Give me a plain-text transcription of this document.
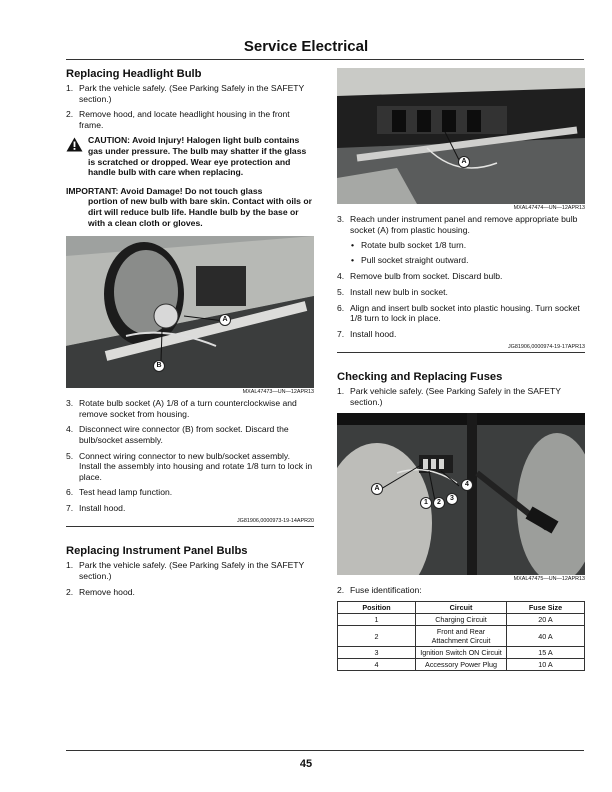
Service Electrical
Replacing Headlight Bulb
1. Park the vehicle safely. (See Parking Safely in the SAFETY section.)
2. Remove hood, and locate headlight housing in the front frame.
CAUTION: Avoid Injury! Halogen light bulb contains gas under pressure. The bulb may shatter if the glass is scratched or dropped. Wear eye protection and handle bulb with care when replacing.
IMPORTANT: Avoid Damage! Do not touch glass
portion of new bulb with bare skin. Contact with oils or dirt will reduce bulb life. Handle bulb by the base or with a clean cloth or gloves.
A
B
MXAL47473—UN—12APR13
3. Rotate bulb socket (A) 1/8 of a turn counterclockwise and remove socket from housing.
4. Disconnect wire connector (B) from socket. Discard the bulb/socket assembly.
5. Connect wiring connector to new bulb/socket assembly. Install the assembly into housing and rotate 1/8 turn to lock in place.
6. Test head lamp function.
7. Install hood.
JG81906,0000973-19-14APR20
Replacing Instrument Panel Bulbs
1. Park the vehicle safely. (See Parking Safely in the SAFETY section.)
2. Remove hood.
A
MXAL47474—UN—12APR13
3. Reach under instrument panel and remove appropriate bulb socket (A) from plastic housing.
• Rotate bulb socket 1/8 turn.
• Pull socket straight outward.
4. Remove bulb from socket. Discard bulb.
5. Install new bulb in socket.
6. Align and insert bulb socket into plastic housing. Turn socket 1/8 turn to lock in place.
7. Install hood.
JG81906,0000974-19-17APR13
Checking and Replacing Fuses
1. Park vehicle safely. (See Parking Safely in the SAFETY section.)
A
1	2
3
4
MXAL47475—UN—12APR13
2. Fuse identification:
Position	Circuit	Fuse Size
1	Charging Circuit	20 A
2	Front and Rear Attachment Circuit	40 A
3	Ignition Switch ON Circuit	15 A
4	Accessory Power Plug	10 A
45
